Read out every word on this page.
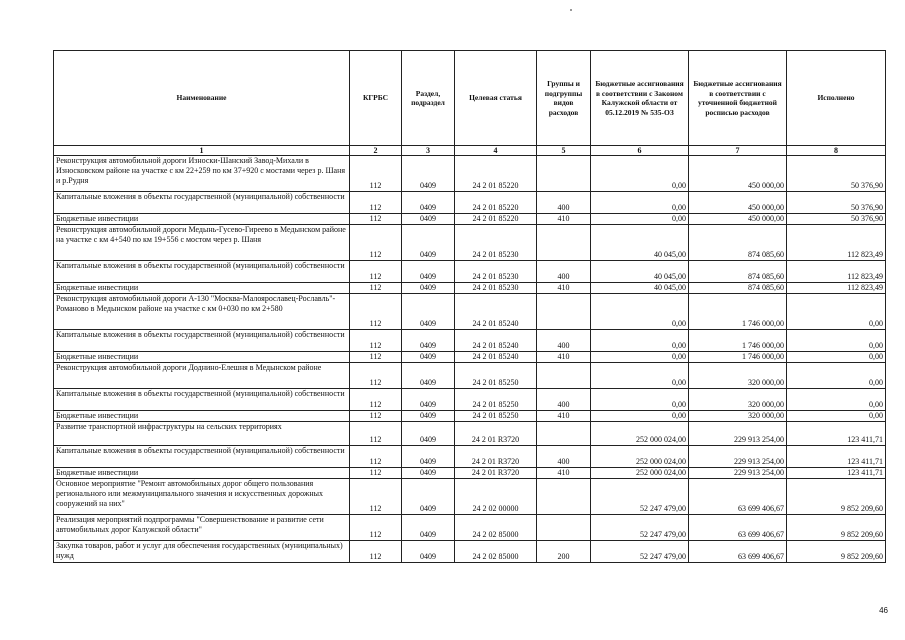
Наименование	КГРБС	Раздел, подраздел	Целевая статья	Группы и подгруппы видов расходов	Бюджетные ассигнования в соответствии с Законом Калужской области от 05.12.2019 № 535-ОЗ	Бюджетные ассигнования в соответствии с уточненной бюджетной росписью расходов	Исполнено
1	2	3	4	5	6	7	8
Реконструкция автомобильной дороги Износки-Шанский Завод-Михали в Износковском районе на участке с км 22+259 по км 37+920 с мостами через р. Шаня и р.Рудня	112	0409	24 2 01 85220		0,00	450 000,00	50 376,90
Капитальные вложения в объекты государственной (муниципальной) собственности	112	0409	24 2 01 85220	400	0,00	450 000,00	50 376,90
Бюджетные инвестиции	112	0409	24 2 01 85220	410	0,00	450 000,00	50 376,90
Реконструкция автомобильной дороги Медынь-Гусево-Гиреево в Медынском районе на участке с км 4+540 по км 19+556 с мостом через р. Шаня	112	0409	24 2 01 85230		40 045,00	874 085,60	112 823,49
Капитальные вложения в объекты государственной (муниципальной) собственности	112	0409	24 2 01 85230	400	40 045,00	874 085,60	112 823,49
Бюджетные инвестиции	112	0409	24 2 01 85230	410	40 045,00	874 085,60	112 823,49
Реконструкция автомобильной дороги А-130 "Москва-Малоярославец-Рославль"-Романово в Медынском районе на участке с км 0+030 по км 2+580	112	0409	24 2 01 85240		0,00	1 746 000,00	0,00
Капитальные вложения в объекты государственной (муниципальной) собственности	112	0409	24 2 01 85240	400	0,00	1 746 000,00	0,00
Бюджетные инвестиции	112	0409	24 2 01 85240	410	0,00	1 746 000,00	0,00
Реконструкция автомобильной дороги Доднино-Елешня в Медынском районе	112	0409	24 2 01 85250		0,00	320 000,00	0,00
Капитальные вложения в объекты государственной (муниципальной) собственности	112	0409	24 2 01 85250	400	0,00	320 000,00	0,00
Бюджетные инвестиции	112	0409	24 2 01 85250	410	0,00	320 000,00	0,00
Развитие транспортной инфраструктуры на сельских территориях	112	0409	24 2 01 R3720		252 000 024,00	229 913 254,00	123 411,71
Капитальные вложения в объекты государственной (муниципальной) собственности	112	0409	24 2 01 R3720	400	252 000 024,00	229 913 254,00	123 411,71
Бюджетные инвестиции	112	0409	24 2 01 R3720	410	252 000 024,00	229 913 254,00	123 411,71
Основное мероприятие "Ремонт автомобильных дорог общего пользования регионального или межмуниципального значения и искусственных дорожных сооружений на них"	112	0409	24 2 02 00000		52 247 479,00	63 699 406,67	9 852 209,60
Реализация мероприятий подпрограммы "Совершенствование и развитие сети автомобильных дорог Калужской области"	112	0409	24 2 02 85000		52 247 479,00	63 699 406,67	9 852 209,60
Закупка товаров, работ и услуг для обеспечения государственных (муниципальных) нужд	112	0409	24 2 02 85000	200	52 247 479,00	63 699 406,67	9 852 209,60
46
